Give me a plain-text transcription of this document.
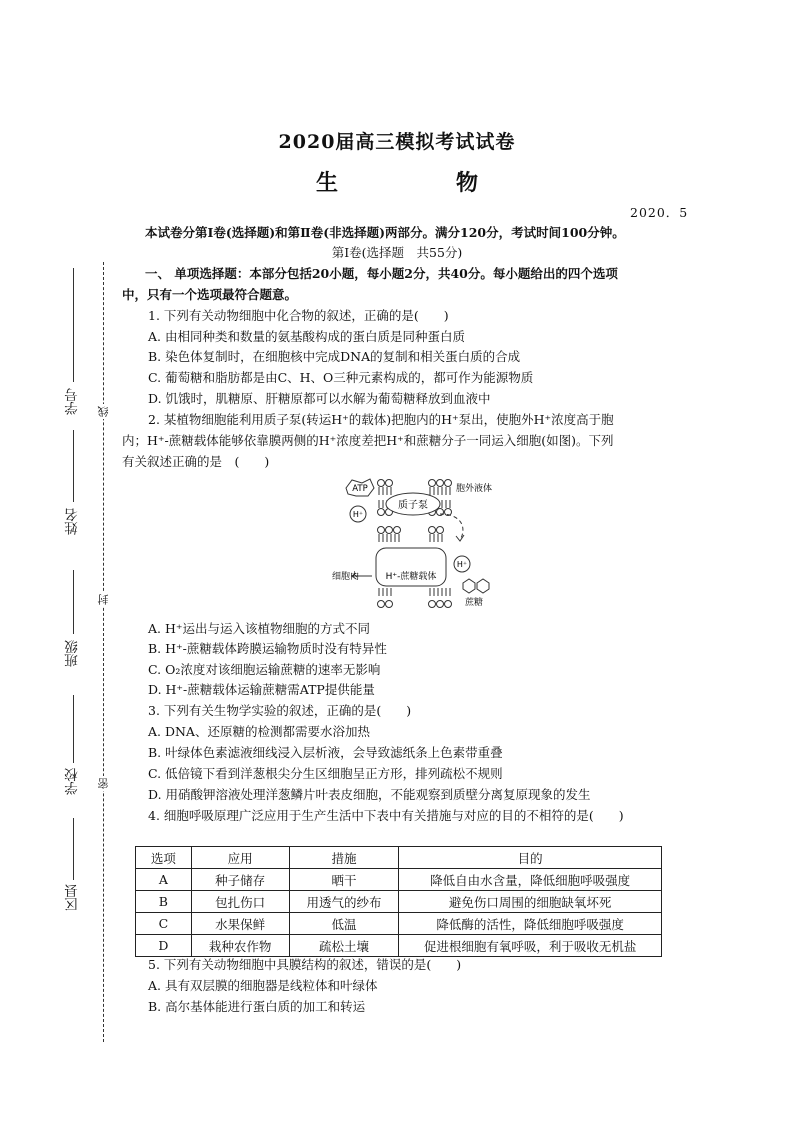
2020届高三模拟考试试卷
生　物
2020．5
本试卷分第Ⅰ卷(选择题)和第Ⅱ卷(非选择题)两部分。满分120分，考试时间100分钟。
第Ⅰ卷(选择题　共55分)
线
封
密
学号
姓名
班级
学校
区县
一、 单项选择题：本部分包括20小题，每小题2分，共40分。每小题给出的四个选项
中，只有一个选项最符合题意。
1. 下列有关动物细胞中化合物的叙述，正确的是(　　)
A. 由相同种类和数量的氨基酸构成的蛋白质是同种蛋白质
B. 染色体复制时，在细胞核中完成DNA的复制和相关蛋白质的合成
C. 葡萄糖和脂肪都是由C、H、O三种元素构成的，都可作为能源物质
D. 饥饿时，肌糖原、肝糖原都可以水解为葡萄糖释放到血液中
2. 某植物细胞能利用质子泵(转运H⁺的载体)把胞内的H⁺泵出，使胞外H⁺浓度高于胞
内；H⁺-蔗糖载体能够依靠膜两侧的H⁺浓度差把H⁺和蔗糖分子一同运入细胞(如图)。下列
有关叙述正确的是　(　　)
质子泵
ATP
H⁺
胞外液体
H⁺-蔗糖载体
细胞内
H⁺
蔗糖
A. H⁺运出与运入该植物细胞的方式不同
B. H⁺-蔗糖载体跨膜运输物质时没有特异性
C. O₂浓度对该细胞运输蔗糖的速率无影响
D. H⁺-蔗糖载体运输蔗糖需ATP提供能量
3. 下列有关生物学实验的叙述，正确的是(　　)
A. DNA、还原糖的检测都需要水浴加热
B. 叶绿体色素滤液细线浸入层析液，会导致滤纸条上色素带重叠
C. 低倍镜下看到洋葱根尖分生区细胞呈正方形，排列疏松不规则
D. 用硝酸钾溶液处理洋葱鳞片叶表皮细胞，不能观察到质壁分离复原现象的发生
4. 细胞呼吸原理广泛应用于生产生活中下表中有关措施与对应的目的不相符的是(　　)
选项	应用	措施	目的
A	种子储存	晒干	降低自由水含量，降低细胞呼吸强度
B	包扎伤口	用透气的纱布	避免伤口周围的细胞缺氧坏死
C	水果保鲜	低温	降低酶的活性，降低细胞呼吸强度
D	栽种农作物	疏松土壤	促进根细胞有氧呼吸，利于吸收无机盐
5. 下列有关动物细胞中具膜结构的叙述，错误的是(　　)
A. 具有双层膜的细胞器是线粒体和叶绿体
B. 高尔基体能进行蛋白质的加工和转运
